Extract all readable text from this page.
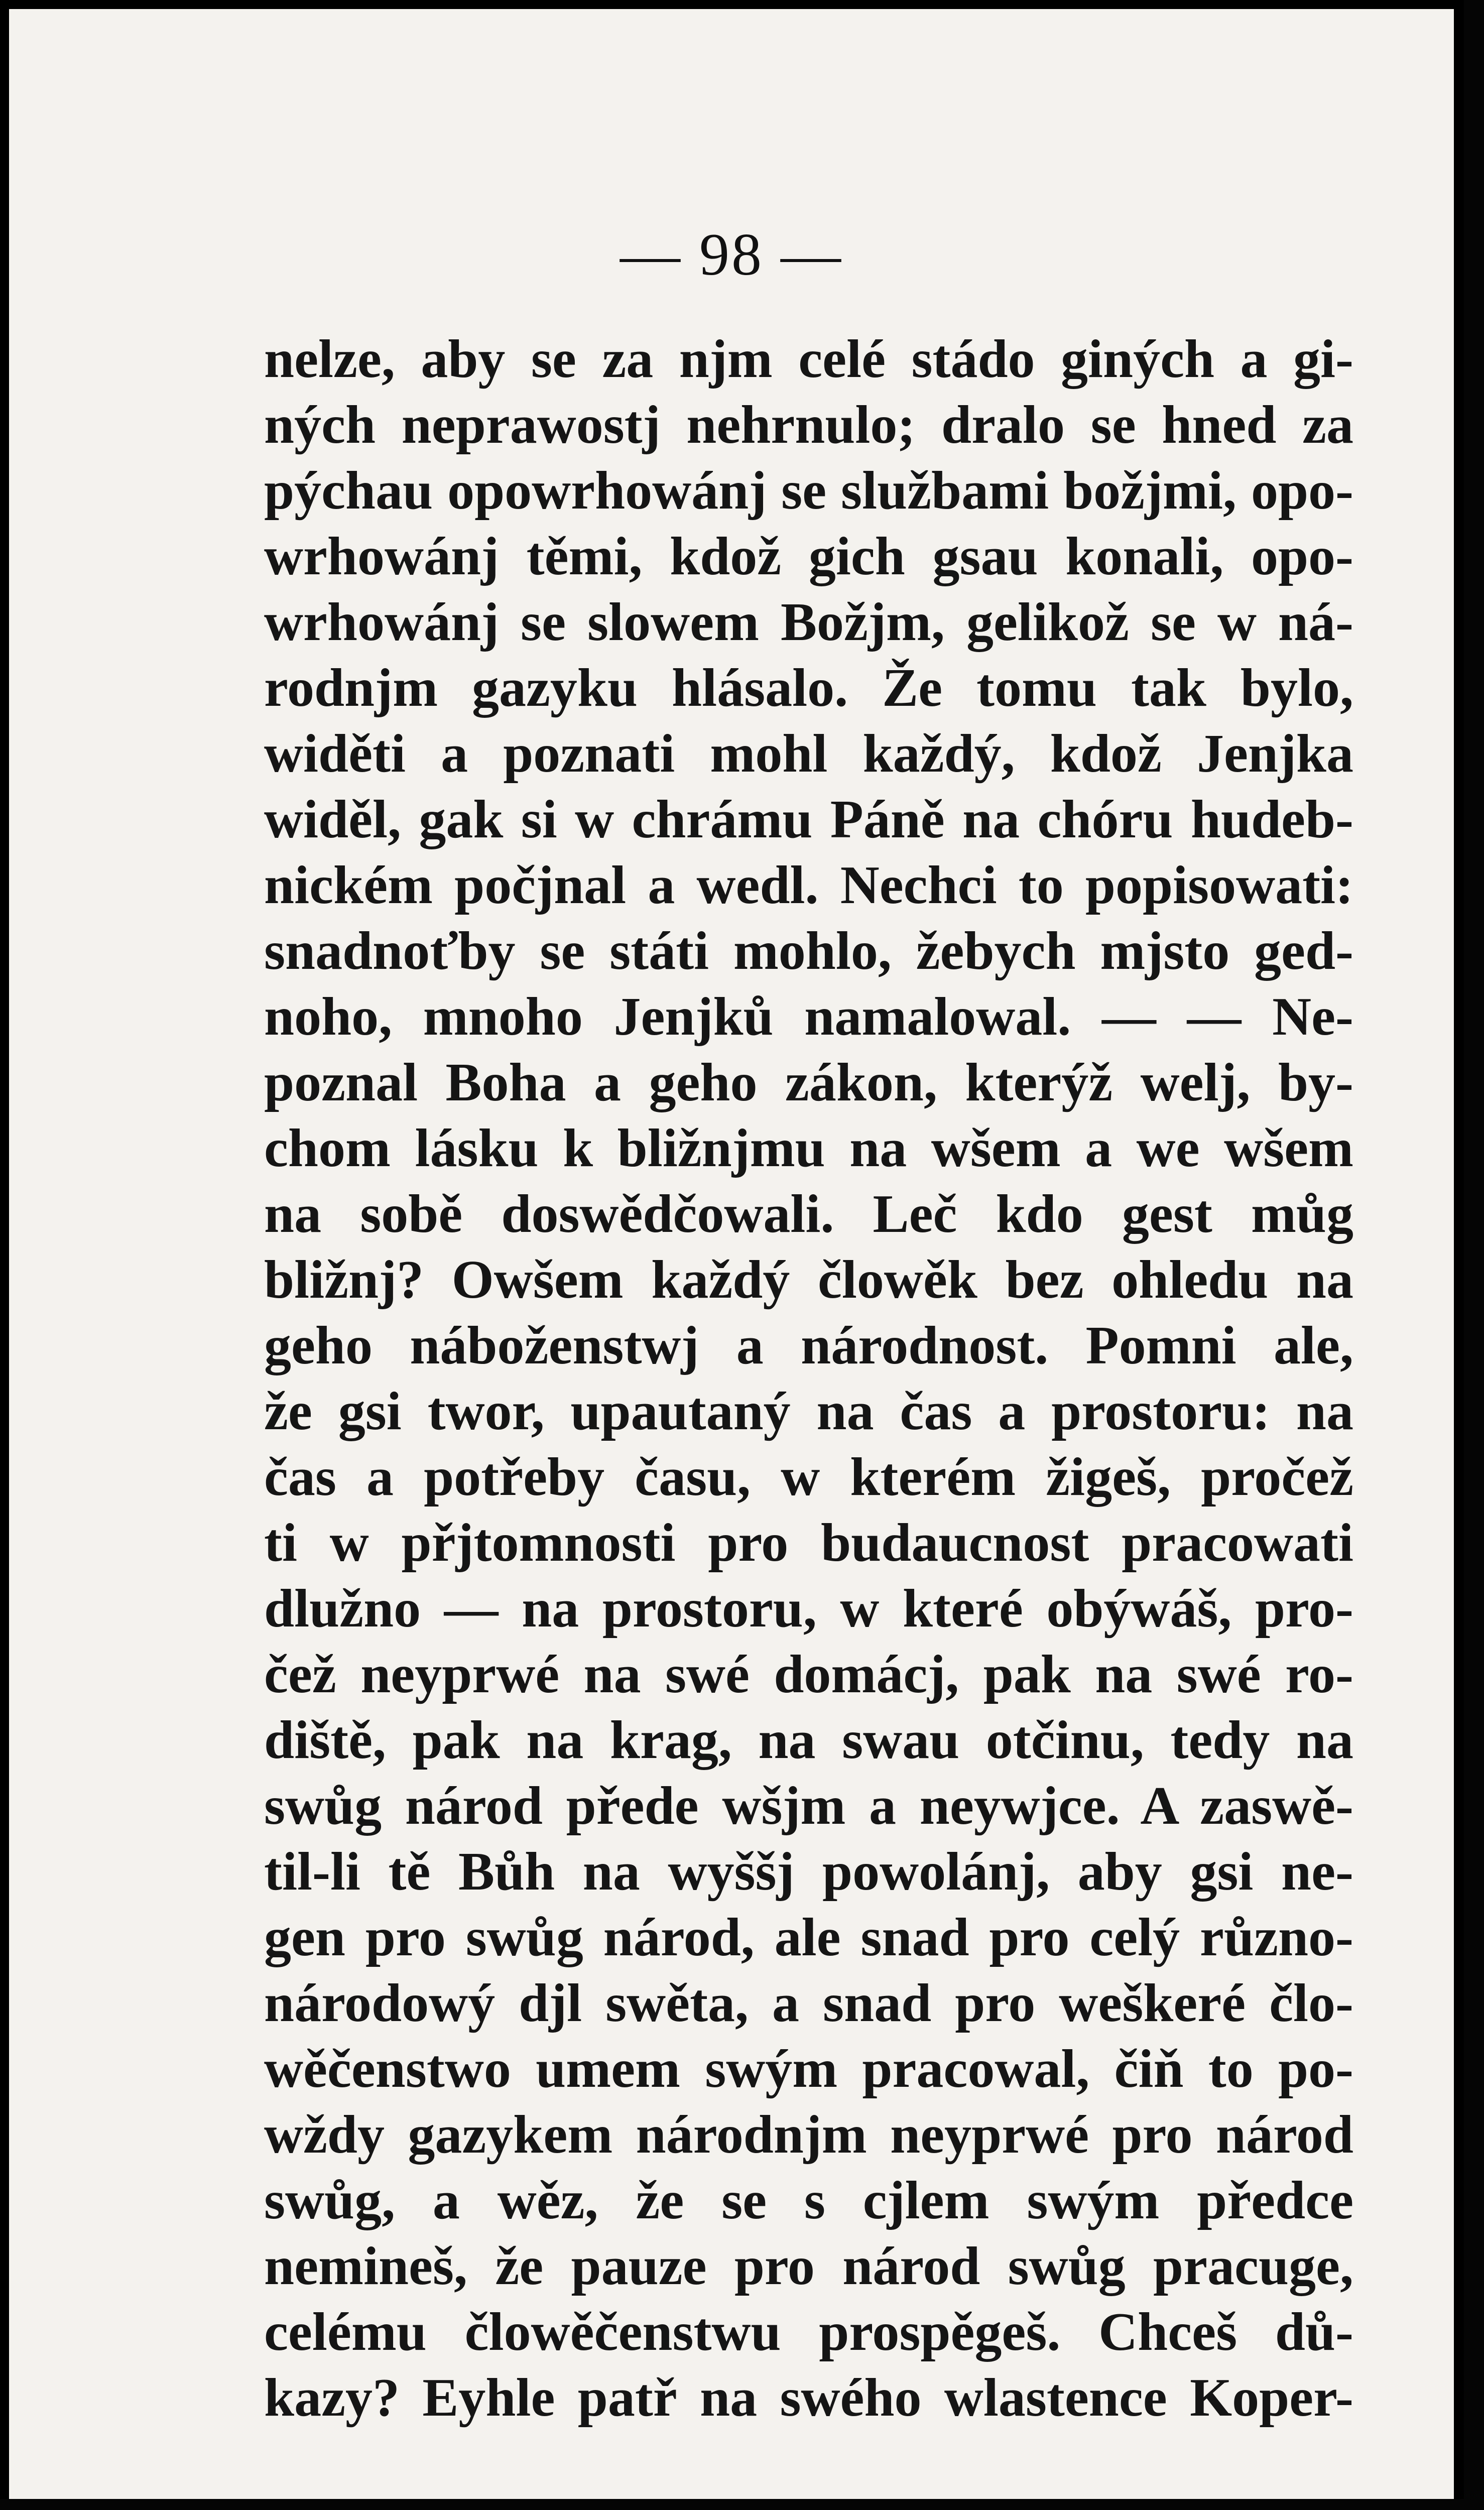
— 98 —
nelze, aby se za njm celé stádo giných a gi-
ných neprawostj nehrnulo; dralo se hned za
pýchau opowrhowánj se službami božjmi, opo-
wrhowánj těmi, kdož gich gsau konali, opo-
wrhowánj se slowem Božjm, gelikož se w ná-
rodnjm gazyku hlásalo. Že tomu tak bylo,
widěti a poznati mohl každý, kdož Jenjka
widěl, gak si w chrámu Páně na chóru hudeb-
nickém počjnal a wedl. Nechci to popisowati:
snadnoťby se státi mohlo, žebych mjsto ged-
noho, mnoho Jenjků namalowal. — — Ne-
poznal Boha a geho zákon, kterýž welj, by-
chom lásku k bližnjmu na wšem a we wšem
na sobě doswědčowali. Leč kdo gest můg
bližnj? Owšem každý člowěk bez ohledu na
geho náboženstwj a národnost. Pomni ale,
že gsi twor, upautaný na čas a prostoru: na
čas a potřeby času, w kterém žigeš, pročež
ti w přjtomnosti pro budaucnost pracowati
dlužno — na prostoru, w které obýwáš, pro-
čež neyprwé na swé domácj, pak na swé ro-
diště, pak na krag, na swau otčinu, tedy na
swůg národ přede wšjm a neywjce. A zaswě-
til-li tě Bůh na wyššj powolánj, aby gsi ne-
gen pro swůg národ, ale snad pro celý různo-
národowý djl swěta, a snad pro weškeré člo-
wěčenstwo umem swým pracowal, čiň to po-
wždy gazykem národnjm neyprwé pro národ
swůg, a wěz, že se s cjlem swým předce
nemineš, že pauze pro národ swůg pracuge,
celému člowěčenstwu prospěgeš. Chceš dů-
kazy? Eyhle patř na swého wlastence Koper-
